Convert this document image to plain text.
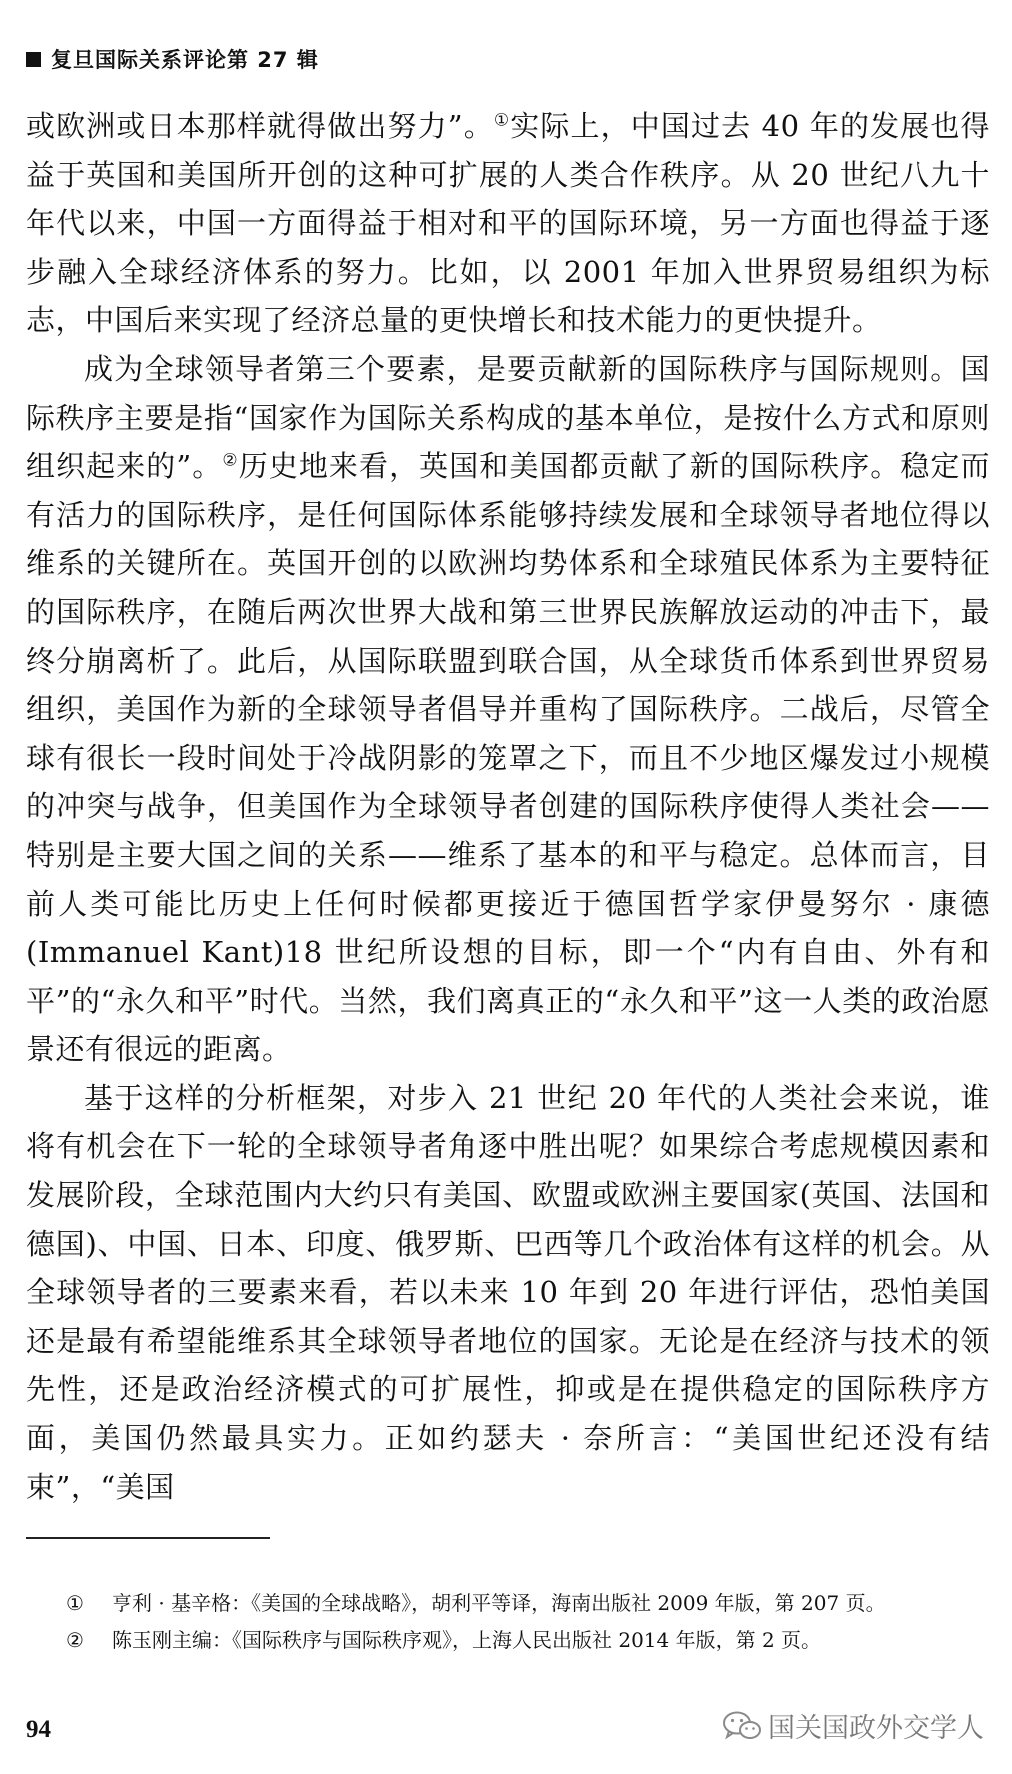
复旦国际关系评论第 27 辑

或欧洲或日本那样就得做出努力”。①实际上，中国过去 40 年的发展也得益于英国和美国所开创的这种可扩展的人类合作秩序。从 20 世纪八九十年代以来，中国一方面得益于相对和平的国际环境，另一方面也得益于逐步融入全球经济体系的努力。比如，以 2001 年加入世界贸易组织为标志，中国后来实现了经济总量的更快增长和技术能力的更快提升。

成为全球领导者第三个要素，是要贡献新的国际秩序与国际规则。国际秩序主要是指“国家作为国际关系构成的基本单位，是按什么方式和原则组织起来的”。②历史地来看，英国和美国都贡献了新的国际秩序。稳定而有活力的国际秩序，是任何国际体系能够持续发展和全球领导者地位得以维系的关键所在。英国开创的以欧洲均势体系和全球殖民体系为主要特征的国际秩序，在随后两次世界大战和第三世界民族解放运动的冲击下，最终分崩离析了。此后，从国际联盟到联合国，从全球货币体系到世界贸易组织，美国作为新的全球领导者倡导并重构了国际秩序。二战后，尽管全球有很长一段时间处于冷战阴影的笼罩之下，而且不少地区爆发过小规模的冲突与战争，但美国作为全球领导者创建的国际秩序使得人类社会——特别是主要大国之间的关系——维系了基本的和平与稳定。总体而言，目前人类可能比历史上任何时候都更接近于德国哲学家伊曼努尔 · 康德(Immanuel Kant)18 世纪所设想的目标，即一个“内有自由、外有和平”的“永久和平”时代。当然，我们离真正的“永久和平”这一人类的政治愿景还有很远的距离。

基于这样的分析框架，对步入 21 世纪 20 年代的人类社会来说，谁将有机会在下一轮的全球领导者角逐中胜出呢？如果综合考虑规模因素和发展阶段，全球范围内大约只有美国、欧盟或欧洲主要国家(英国、法国和德国)、中国、日本、印度、俄罗斯、巴西等几个政治体有这样的机会。从全球领导者的三要素来看，若以未来 10 年到 20 年进行评估，恐怕美国还是最有希望能维系其全球领导者地位的国家。无论是在经济与技术的领先性，还是政治经济模式的可扩展性，抑或是在提供稳定的国际秩序方面，美国仍然最具实力。正如约瑟夫 · 奈所言：“美国世纪还没有结束”，“美国

①	亨利 · 基辛格：《美国的全球战略》，胡利平等译，海南出版社 2009 年版，第 207 页。
②	陈玉刚主编：《国际秩序与国际秩序观》，上海人民出版社 2014 年版，第 2 页。
94	国关国政外交学人
